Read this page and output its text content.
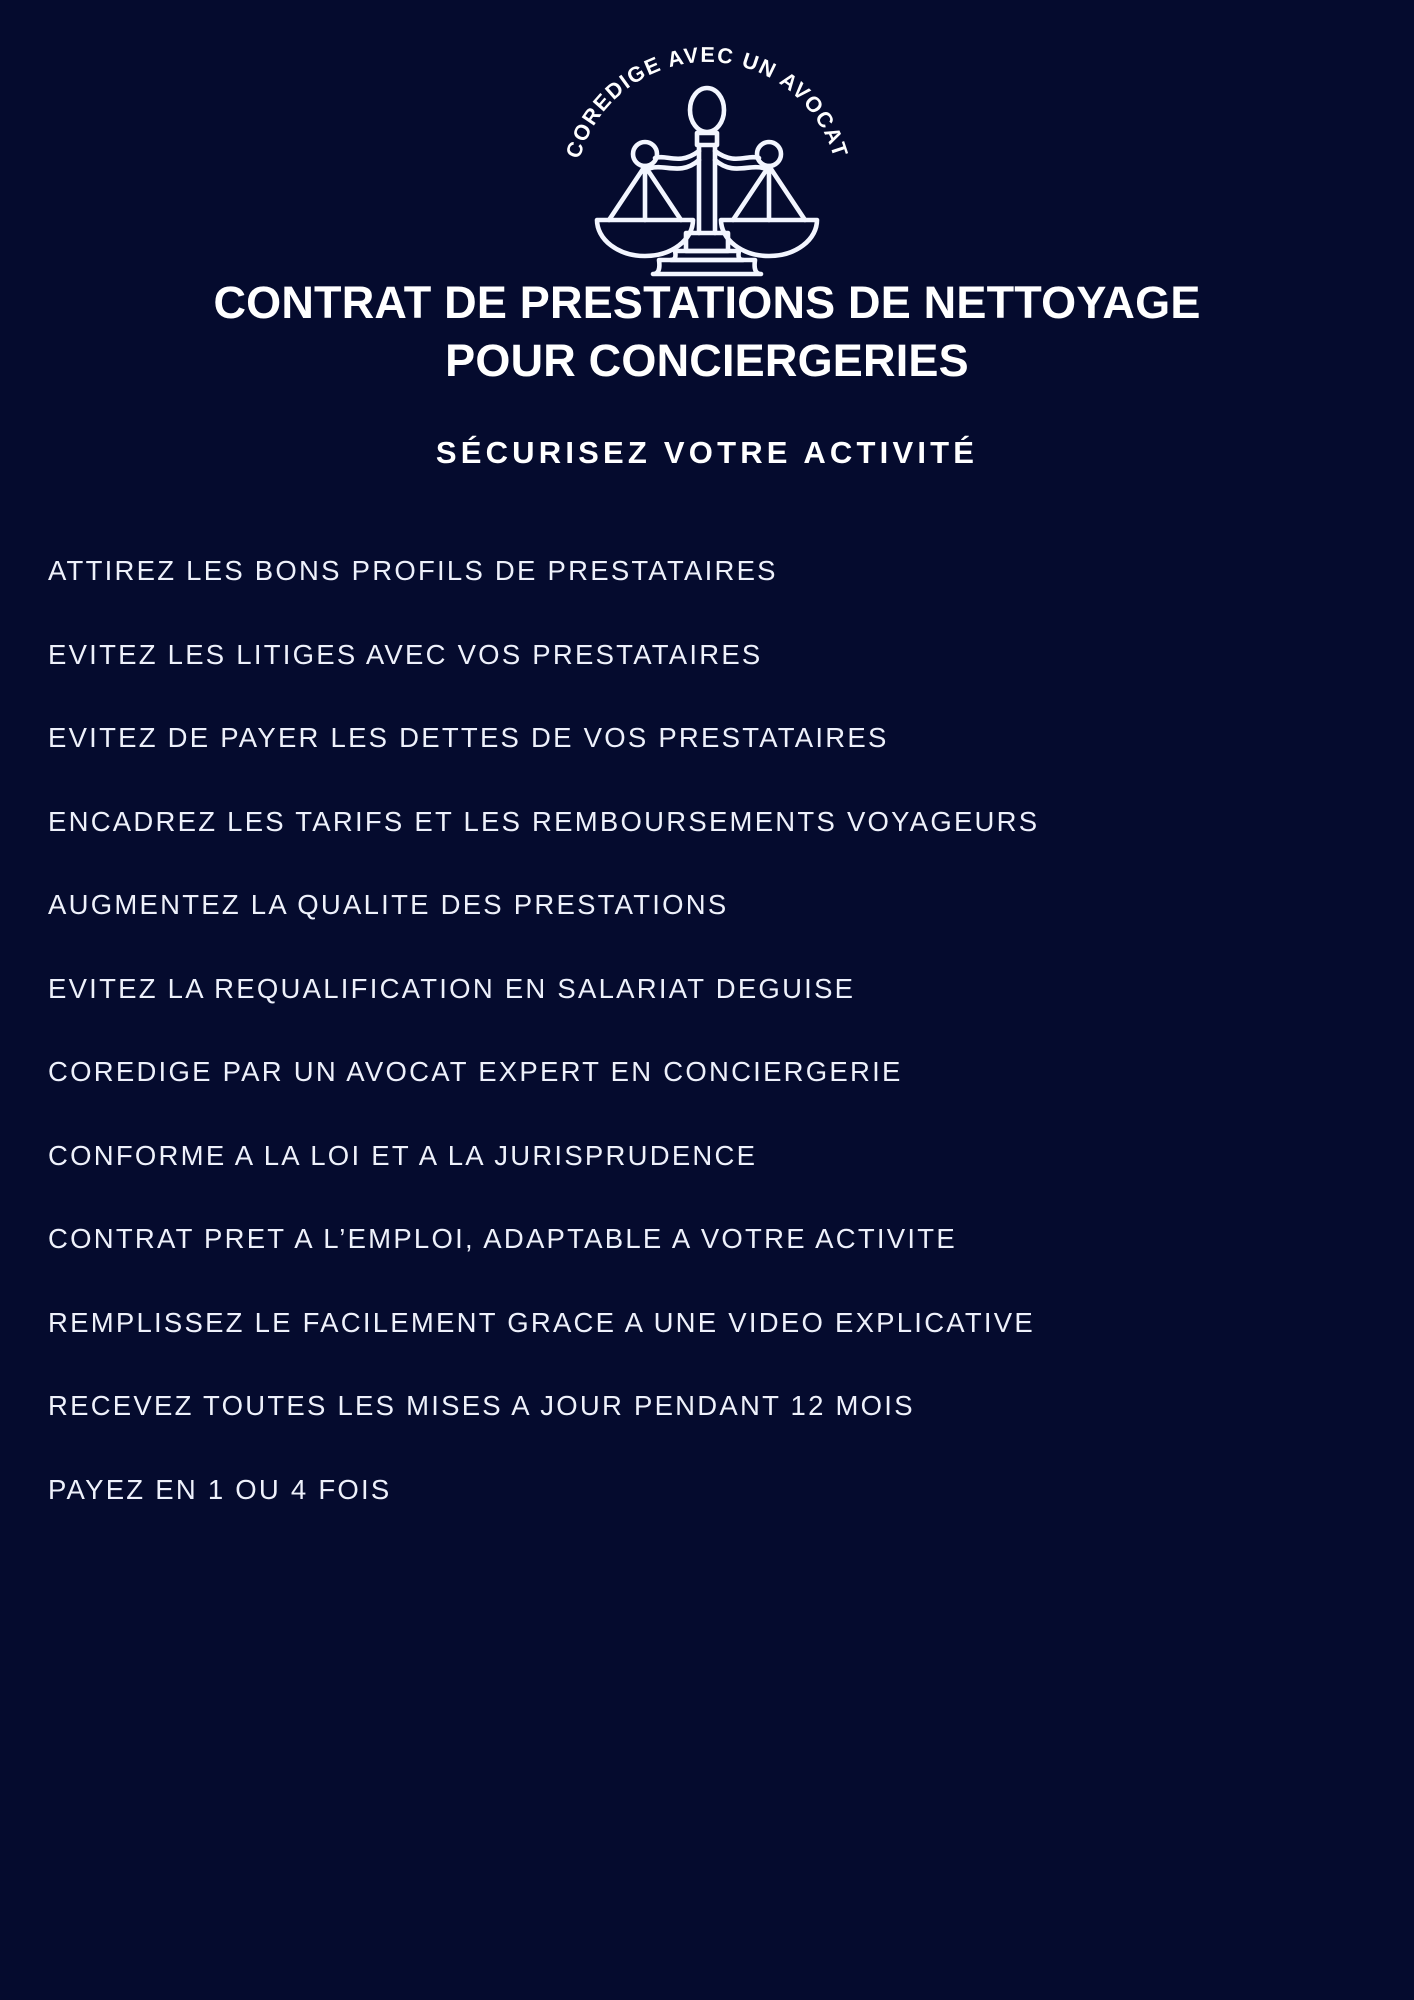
COREDIGE AVEC UN AVOCAT
CONTRAT DE PRESTATIONS DE NETTOYAGE
POUR CONCIERGERIES
SÉCURISEZ VOTRE ACTIVITÉ
ATTIREZ LES BONS PROFILS DE PRESTATAIRES
EVITEZ LES LITIGES AVEC VOS PRESTATAIRES
EVITEZ DE PAYER LES DETTES DE VOS PRESTATAIRES
ENCADREZ LES TARIFS ET LES REMBOURSEMENTS VOYAGEURS
AUGMENTEZ LA QUALITE DES PRESTATIONS
EVITEZ LA REQUALIFICATION EN SALARIAT DEGUISE
COREDIGE PAR UN AVOCAT EXPERT EN CONCIERGERIE
CONFORME A LA LOI ET A LA JURISPRUDENCE
CONTRAT PRET A L’EMPLOI, ADAPTABLE A VOTRE ACTIVITE
REMPLISSEZ LE FACILEMENT GRACE A UNE VIDEO EXPLICATIVE
RECEVEZ TOUTES LES MISES A JOUR PENDANT 12 MOIS
PAYEZ EN 1 OU 4 FOIS
